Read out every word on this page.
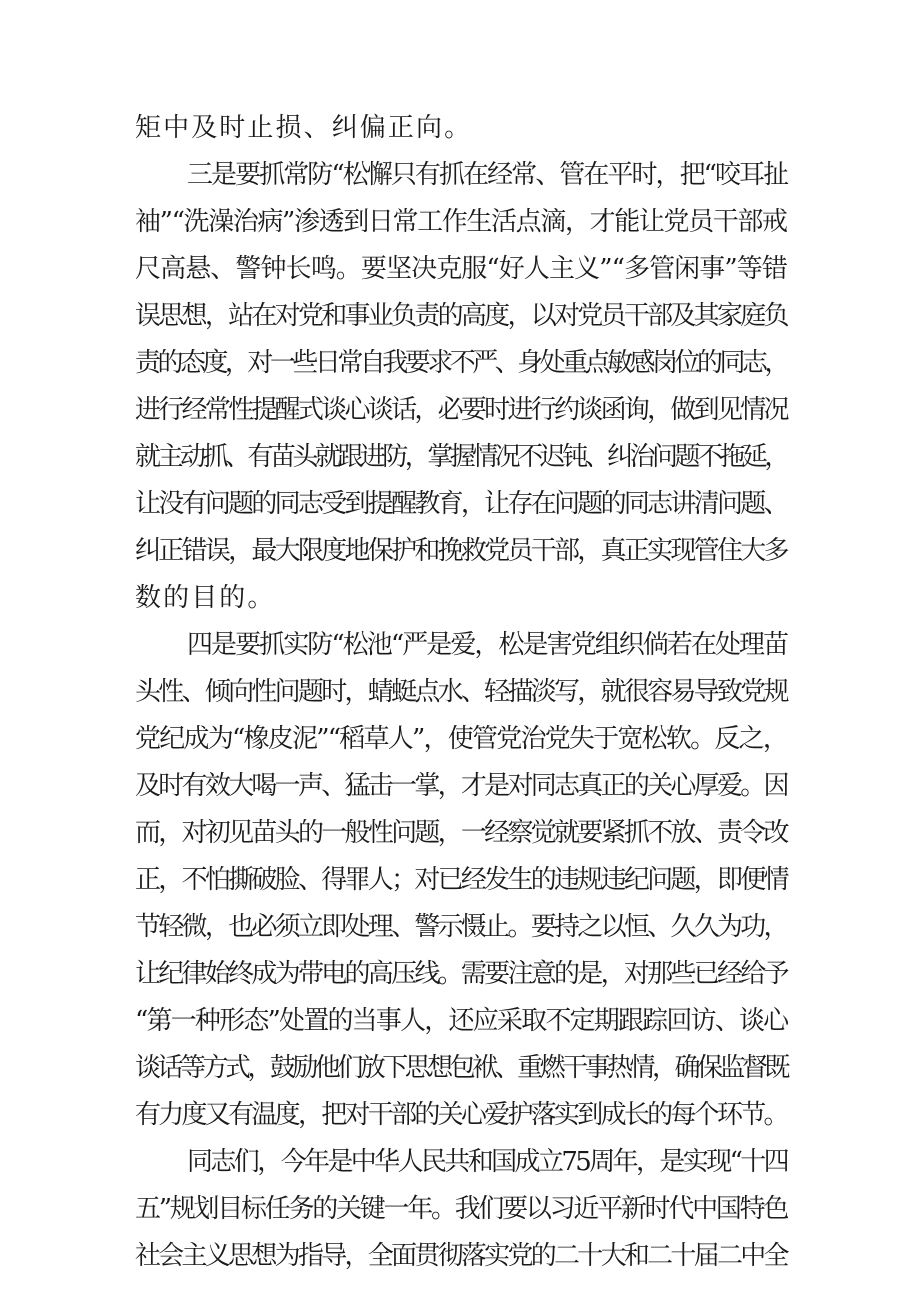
矩中及时止损、纠偏正向。
三是要抓常防“松懈只有抓在经常、管在平时，把“咬耳扯
袖”“洗澡治病”渗透到日常工作生活点滴，才能让党员干部戒
尺高悬、警钟长鸣。要坚决克服“好人主义”“多管闲事”等错
误思想，站在对党和事业负责的高度，以对党员干部及其家庭负
责的态度，对一些日常自我要求不严、身处重点敏感岗位的同志，
进行经常性提醒式谈心谈话，必要时进行约谈函询，做到见情况
就主动抓、有苗头就跟进防，掌握情况不迟钝、纠治问题不拖延，
让没有问题的同志受到提醒教育，让存在问题的同志讲清问题、
纠正错误，最大限度地保护和挽救党员干部，真正实现管住大多
数的目的。
四是要抓实防“松池“严是爱，松是害党组织倘若在处理苗
头性、倾向性问题时，蜻蜓点水、轻描淡写，就很容易导致党规
党纪成为“橡皮泥”“稻草人”，使管党治党失于宽松软。反之，
及时有效大喝一声、猛击一掌，才是对同志真正的关心厚爱。因
而，对初见苗头的一般性问题，一经察觉就要紧抓不放、责令改
正，不怕撕破脸、得罪人；对已经发生的违规违纪问题，即便情
节轻微，也必须立即处理、警示慑止。要持之以恒、久久为功，
让纪律始终成为带电的高压线。需要注意的是，对那些已经给予
“第一种形态”处置的当事人，还应采取不定期跟踪回访、谈心
谈话等方式，鼓励他们放下思想包袱、重燃干事热情，确保监督既
有力度又有温度，把对干部的关心爱护落实到成长的每个环节。
同志们，今年是中华人民共和国成立75周年，是实现“十四
五”规划目标任务的关键一年。我们要以习近平新时代中国特色
社会主义思想为指导，全面贯彻落实党的二十大和二十届二中全
